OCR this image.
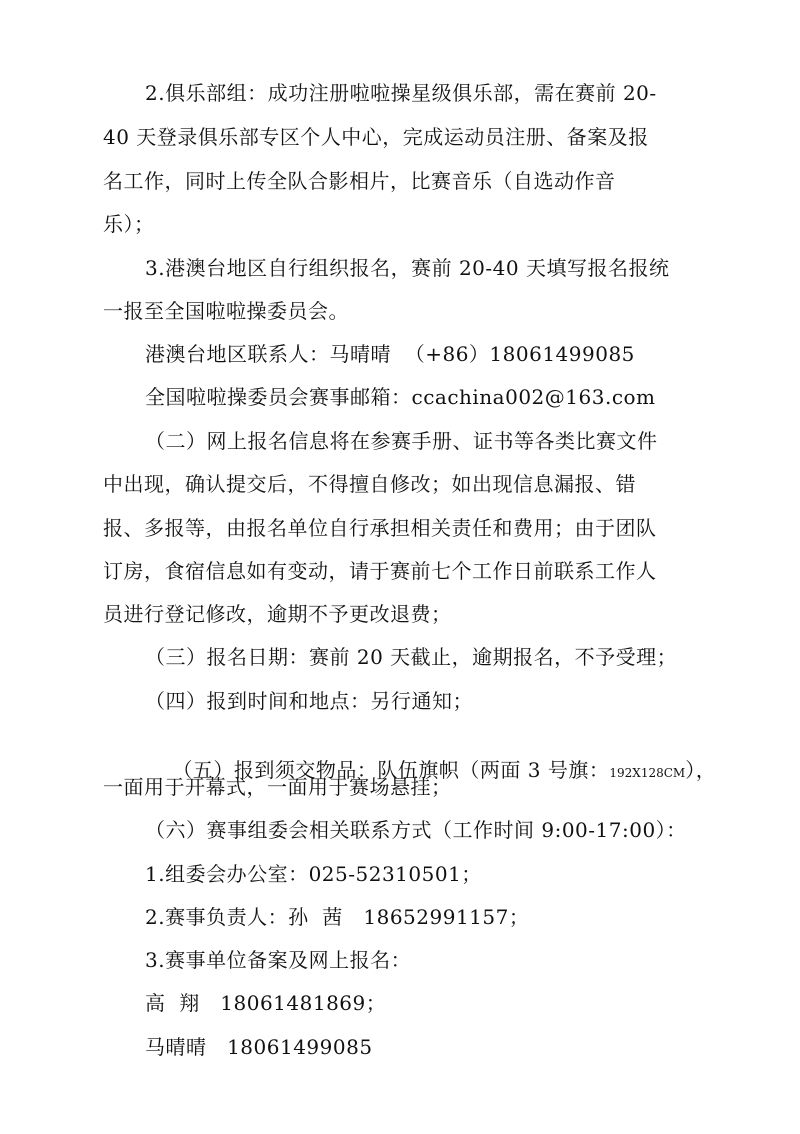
2.俱乐部组：成功注册啦啦操星级俱乐部，需在赛前 20-
40 天登录俱乐部专区个人中心，完成运动员注册、备案及报
名工作，同时上传全队合影相片，比赛音乐（自选动作音
乐）；
3.港澳台地区自行组织报名，赛前 20-40 天填写报名报统
一报至全国啦啦操委员会。
港澳台地区联系人：马晴晴  （+86）18061499085
全国啦啦操委员会赛事邮箱：ccachina002@163.com
（二）网上报名信息将在参赛手册、证书等各类比赛文件
中出现，确认提交后，不得擅自修改；如出现信息漏报、错
报、多报等，由报名单位自行承担相关责任和费用；由于团队
订房，食宿信息如有变动，请于赛前七个工作日前联系工作人
员进行登记修改，逾期不予更改退费；
（三）报名日期：赛前 20 天截止，逾期报名，不予受理；
（四）报到时间和地点：另行通知；

（五）报到须交物品：队伍旗帜（两面 3 号旗：192X128CM），

一面用于开幕式，一面用于赛场悬挂；
（六）赛事组委会相关联系方式（工作时间 9:00-17:00）：
1.组委会办公室：025-52310501；
2.赛事负责人：孙  茜   18652991157；
3.赛事单位备案及网上报名：
高  翔   18061481869；
马晴晴   18061499085
